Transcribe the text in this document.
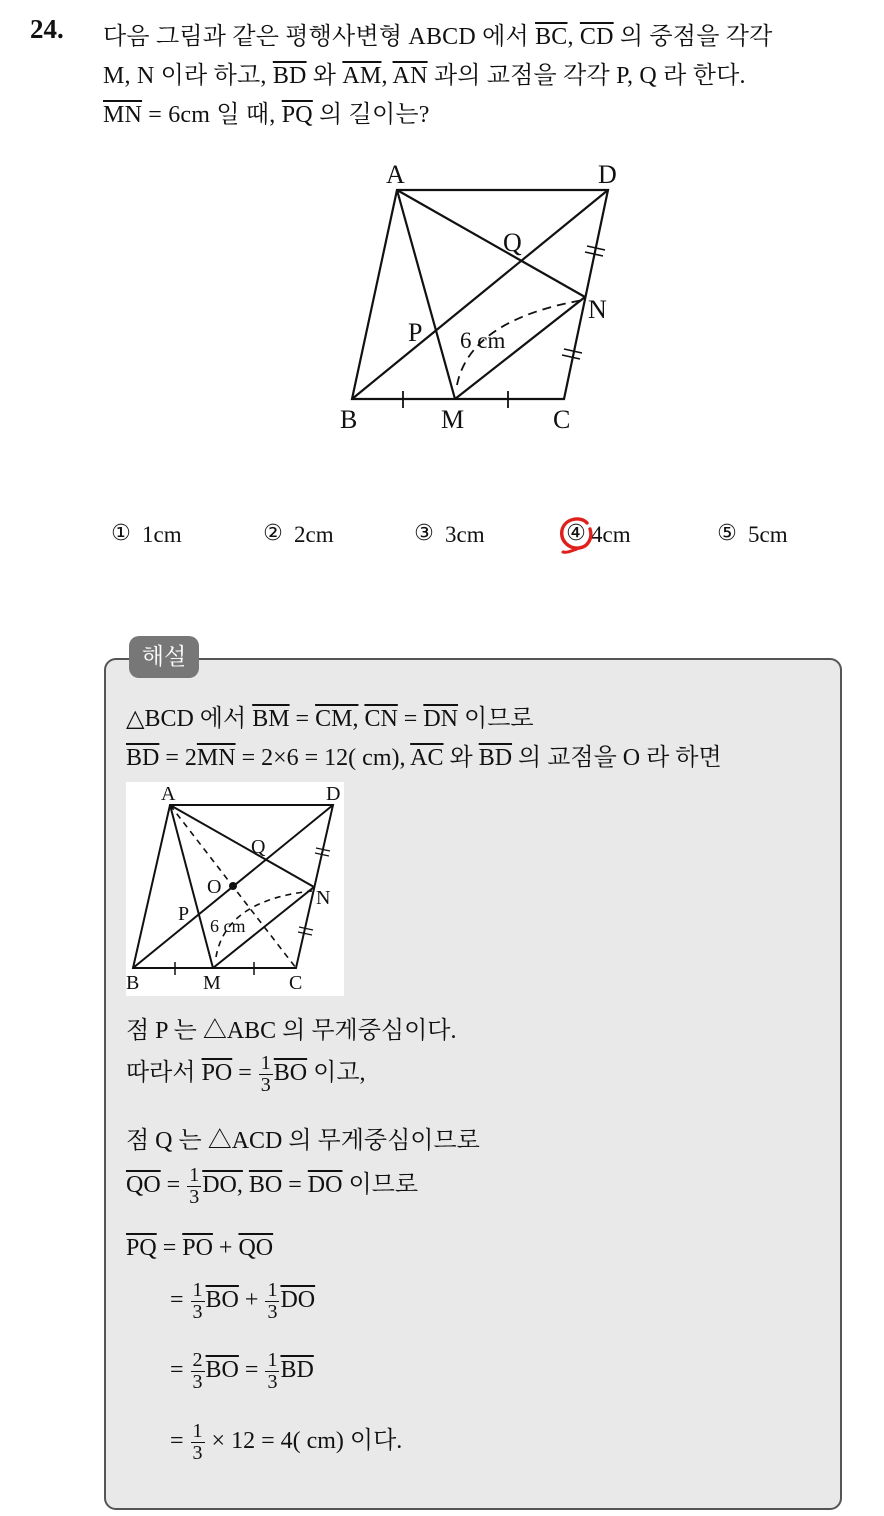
24. 다음 그림과 같은 평행사변형 ABCD 에서 $\overline{BC}$, $\overline{CD}$ 의 중점을 각각
M, N 이라 하고, $\overline{BD}$ 와 $\overline{AM}$, $\overline{AN}$ 과의 교점을 각각 P, Q 라 한다.
$\overline{MN} = 6cm$ 일 때, $\overline{PQ}$ 의 길이는?
A	D
B	M	C
N
P
Q
6 cm
① 1cm	② 2cm	③ 3cm	④ 4cm	⑤ 5cm
해설
△BCD 에서 $\overline{BM}$ = CM, $\overline{CN} = \overline{DN}$ 이므로
$\overline{BD} = 2\overline{MN} = 2\times 6 = 12$( cm), $\overline{AC}$ 와 $\overline{BD}$ 의 교점을 O 라 하면
A	D
B	M	C
N
P
Q
O
6 cm
점 P 는 △ABC 의 무게중심이다.
따라서 $\overline{PO} = \frac{1}{3} \overline{BO}$ 이고,
점 Q 는 △ACD 의 무게중심이므로
$\overline{QO} = \frac{1}{3}$ DO, $\overline{BO} = \overline{DO}$ 이므로
$\overline{PQ} = \overline{PO} + \overline{QO}$
= $\frac{1}{3} \overline{BO} + \frac{1}{3} \overline{DO}$
= $\frac{2}{3} \overline{BO} = \frac{1}{3} \overline{BD}$
= $\frac{1}{3} \times 12 = 4$( cm) 이다.
